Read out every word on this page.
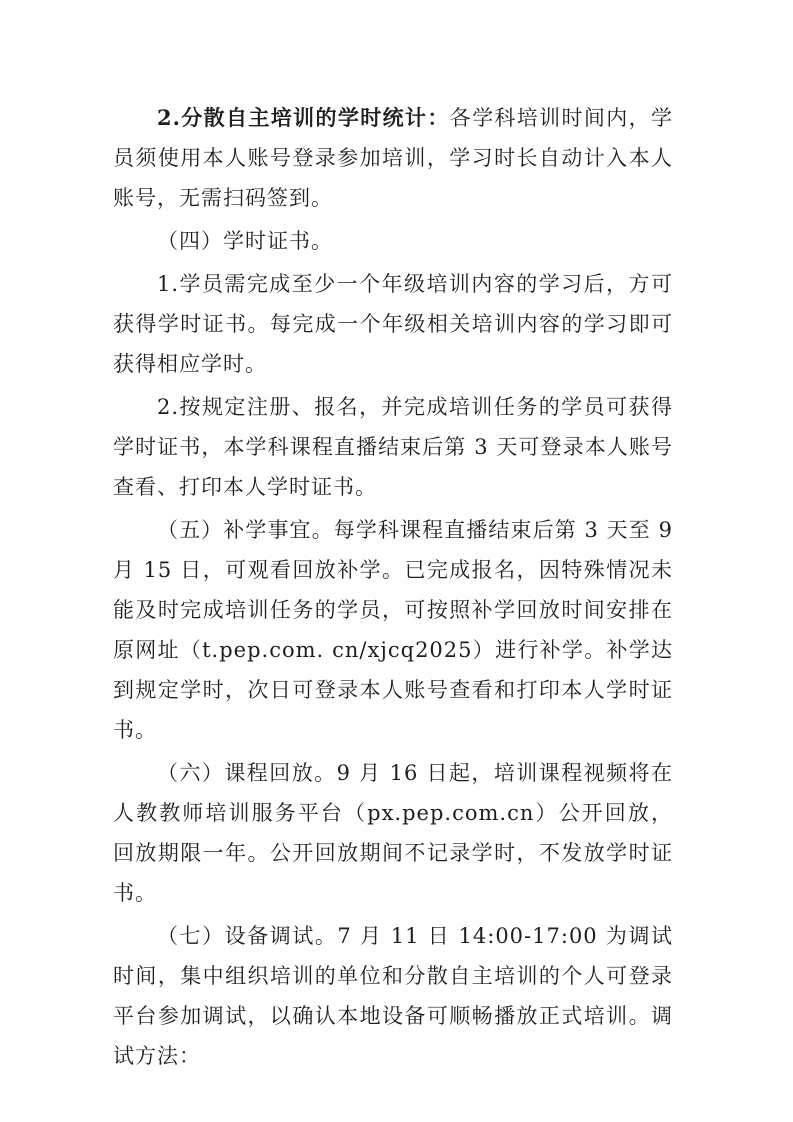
2.分散自主培训的学时统计：各学科培训时间内，学员须使用本人账号登录参加培训，学习时长自动计入本人账号，无需扫码签到。

（四）学时证书。

1.学员需完成至少一个年级培训内容的学习后，方可获得学时证书。每完成一个年级相关培训内容的学习即可获得相应学时。

2.按规定注册、报名，并完成培训任务的学员可获得学时证书，本学科课程直播结束后第 3 天可登录本人账号查看、打印本人学时证书。

（五）补学事宜。每学科课程直播结束后第 3 天至 9 月 15 日，可观看回放补学。已完成报名，因特殊情况未能及时完成培训任务的学员，可按照补学回放时间安排在原网址（t.pep.com. cn/xjcq2025）进行补学。补学达到规定学时，次日可登录本人账号查看和打印本人学时证书。

（六）课程回放。9 月 16 日起，培训课程视频将在人教教师培训服务平台（px.pep.com.cn）公开回放，回放期限一年。公开回放期间不记录学时，不发放学时证书。

（七）设备调试。7 月 11 日 14:00-17:00 为调试时间，集中组织培训的单位和分散自主培训的个人可登录平台参加调试，以确认本地设备可顺畅播放正式培训。调试方法：
